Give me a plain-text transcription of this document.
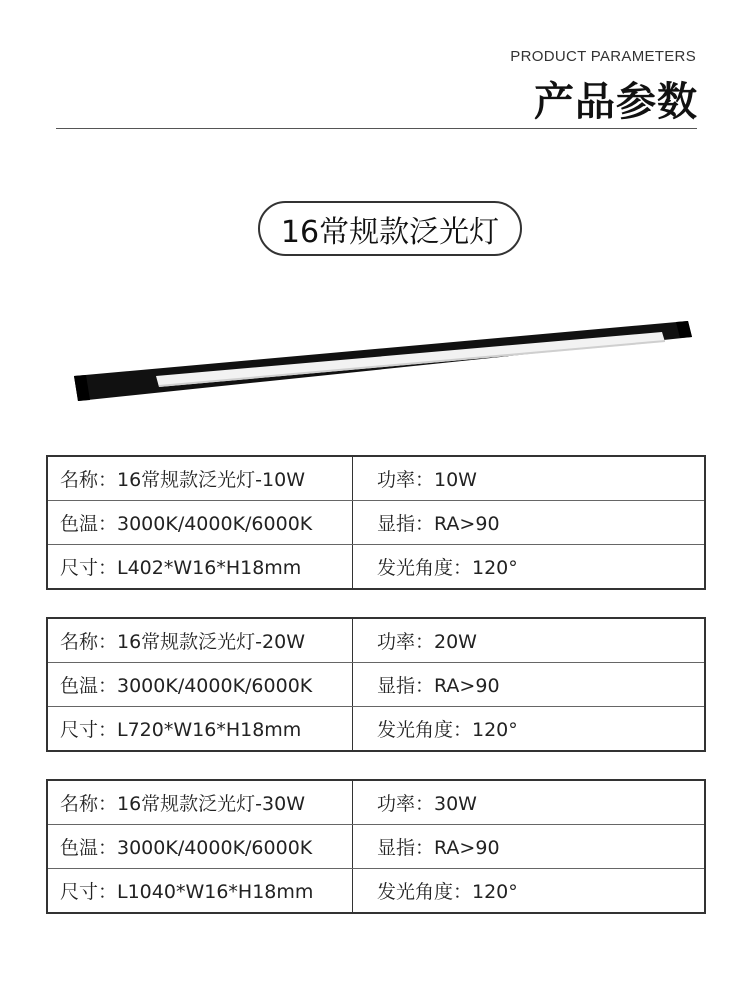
PRODUCT PARAMETERS
产品参数
16常规款泛光灯
名称：16常规款泛光灯-10W	功率：10W
色温：3000K/4000K/6000K	显指：RA>90
尺寸：L402*W16*H18mm	发光角度：120°
名称：16常规款泛光灯-20W	功率：20W
色温：3000K/4000K/6000K	显指：RA>90
尺寸：L720*W16*H18mm	发光角度：120°
名称：16常规款泛光灯-30W	功率：30W
色温：3000K/4000K/6000K	显指：RA>90
尺寸：L1040*W16*H18mm	发光角度：120°
